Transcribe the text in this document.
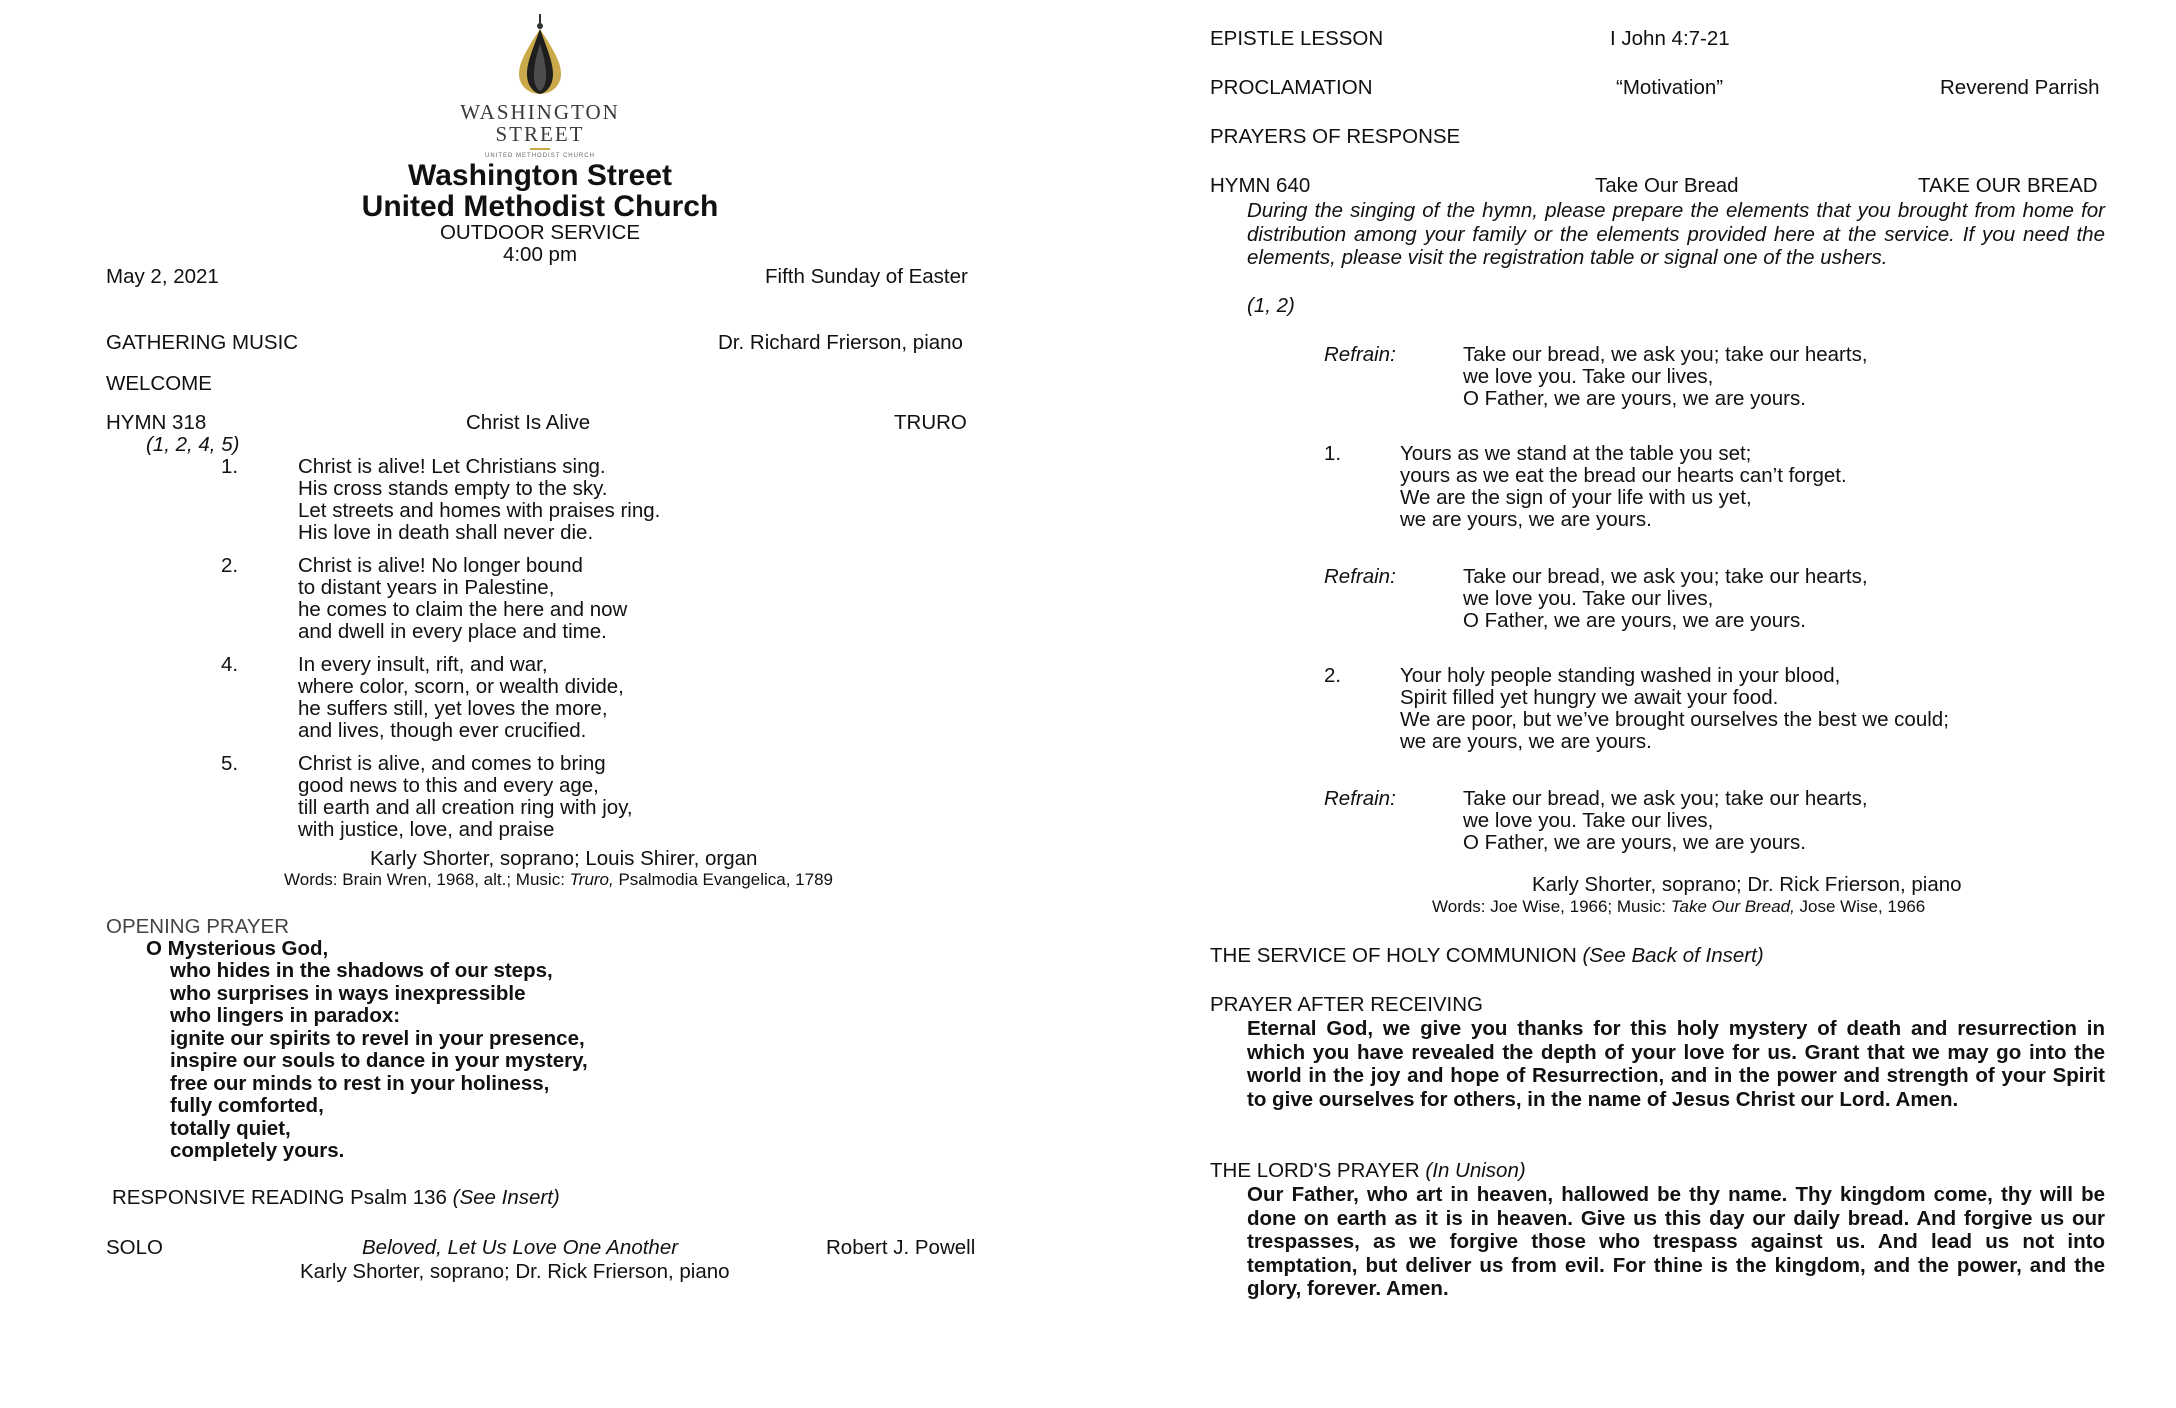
WASHINGTON
STREET
UNITED METHODIST CHURCH
Washington Street
United Methodist Church
OUTDOOR SERVICE
4:00 pm
May 2, 2021	Fifth Sunday of Easter
GATHERING MUSIC	Dr. Richard Frierson, piano
WELCOME
HYMN 318	Christ Is Alive	TRURO
(1, 2, 4, 5)
1.	Christ is alive! Let Christians sing.
His cross stands empty to the sky.
Let streets and homes with praises ring.
His love in death shall never die.
2.	Christ is alive! No longer bound
to distant years in Palestine,
he comes to claim the here and now
and dwell in every place and time.
4.	In every insult, rift, and war,
where color, scorn, or wealth divide,
he suffers still, yet loves the more,
and lives, though ever crucified.
5.	Christ is alive, and comes to bring
good news to this and every age,
till earth and all creation ring with joy,
with justice, love, and praise
Karly Shorter, soprano; Louis Shirer, organ
Words: Brain Wren, 1968, alt.; Music: Truro, Psalmodia Evangelica, 1789
OPENING PRAYER
O Mysterious God,
who hides in the shadows of our steps,
who surprises in ways inexpressible
who lingers in paradox:
ignite our spirits to revel in your presence,
inspire our souls to dance in your mystery,
free our minds to rest in your holiness,
fully comforted,
totally quiet,
completely yours.
RESPONSIVE READING Psalm 136 (See Insert)
SOLO	Beloved, Let Us Love One Another	Robert J. Powell
Karly Shorter, soprano; Dr. Rick Frierson, piano
EPISTLE LESSON	I John 4:7-21
PROCLAMATION	“Motivation”	Reverend Parrish
PRAYERS OF RESPONSE
HYMN 640	Take Our Bread	TAKE OUR BREAD
During the singing of the hymn, please prepare the elements that you brought from home for distribution among your family or the elements provided here at the service. If you need the elements, please visit the registration table or signal one of the ushers.
(1, 2)
Refrain:	Take our bread, we ask you; take our hearts,
we love you. Take our lives,
O Father, we are yours, we are yours.
1.	Yours as we stand at the table you set;
yours as we eat the bread our hearts can’t forget.
We are the sign of your life with us yet,
we are yours, we are yours.
Refrain:	Take our bread, we ask you; take our hearts,
we love you. Take our lives,
O Father, we are yours, we are yours.
2.	Your holy people standing washed in your blood,
Spirit filled yet hungry we await your food.
We are poor, but we’ve brought ourselves the best we could;
we are yours, we are yours.
Refrain:	Take our bread, we ask you; take our hearts,
we love you. Take our lives,
O Father, we are yours, we are yours.
Karly Shorter, soprano; Dr. Rick Frierson, piano
Words: Joe Wise, 1966; Music: Take Our Bread, Jose Wise, 1966
THE SERVICE OF HOLY COMMUNION (See Back of Insert)
PRAYER AFTER RECEIVING
Eternal God, we give you thanks for this holy mystery of death and resurrection in which you have revealed the depth of your love for us. Grant that we may go into the world in the joy and hope of Resurrection, and in the power and strength of your Spirit to give ourselves for others, in the name of Jesus Christ our Lord. Amen.
THE LORD'S PRAYER (In Unison)
Our Father, who art in heaven, hallowed be thy name. Thy kingdom come, thy will be done on earth as it is in heaven. Give us this day our daily bread. And forgive us our trespasses, as we forgive those who trespass against us. And lead us not into temptation, but deliver us from evil. For thine is the kingdom, and the power, and the glory, forever. Amen.
